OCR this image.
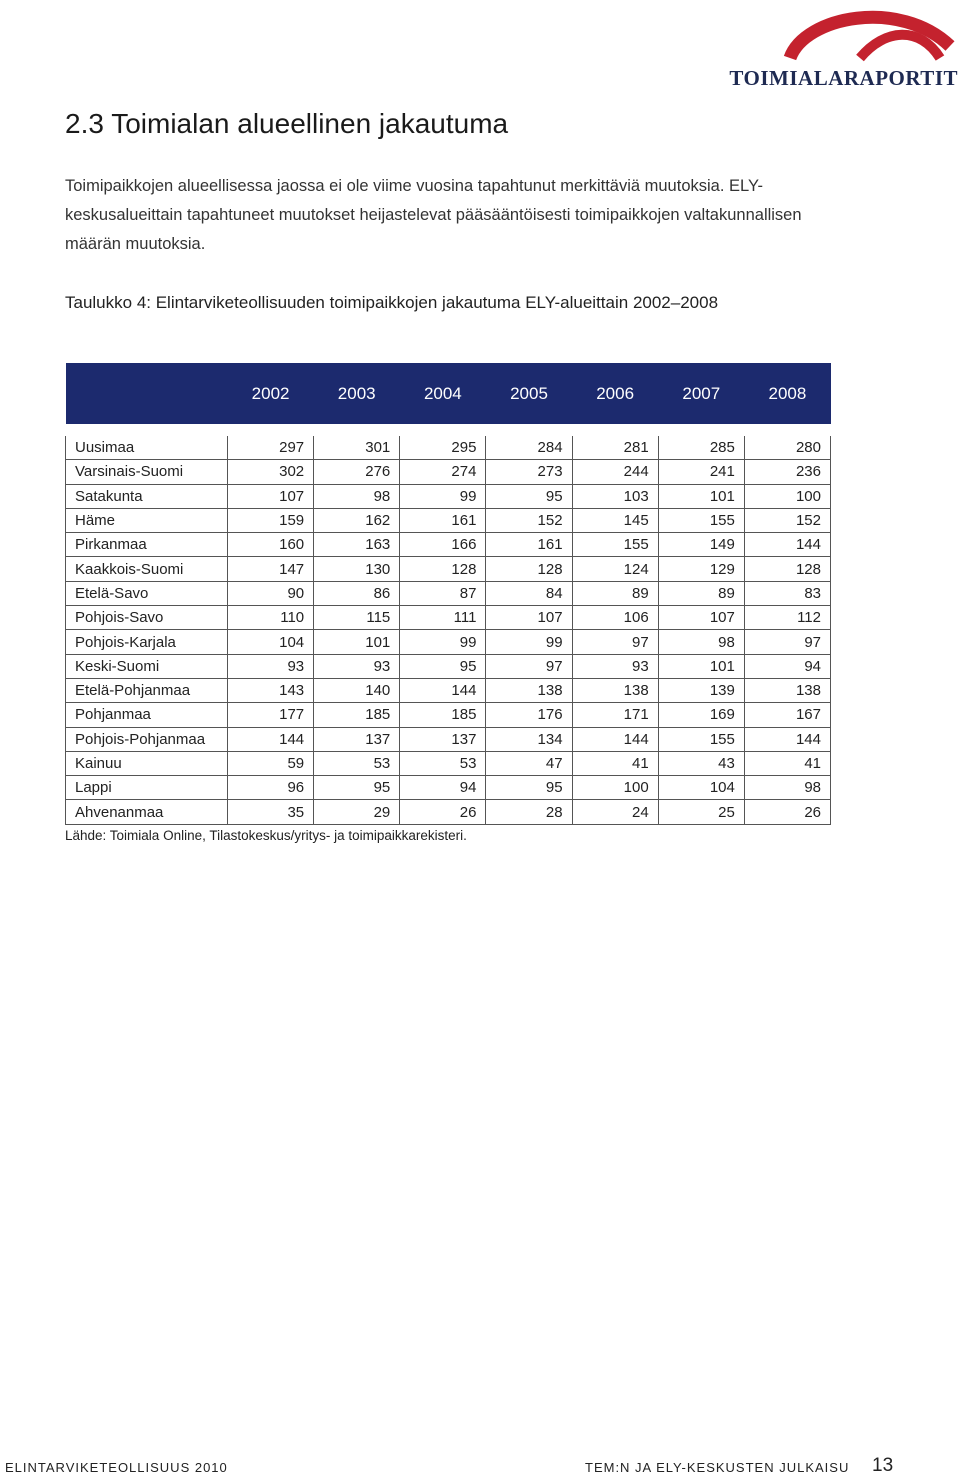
TOIMIALARAPORTIT
2.3 Toimialan alueellinen jakautuma

Toimipaikkojen alueellisessa jaossa ei ole viime vuosina tapahtunut merkittäviä muutoksia. ELY-keskusalueittain tapahtuneet muutokset heijastelevat pääsääntöisesti toimipaikkojen valtakunnallisen määrän muutoksia.

Taulukko 4: Elintarviketeollisuuden toimipaikkojen jakautuma ELY-alueittain 2002–2008

	2002	2003	2004	2005	2006	2007	2008
Uusimaa	297	301	295	284	281	285	280
Varsinais-Suomi	302	276	274	273	244	241	236
Satakunta	107	98	99	95	103	101	100
Häme	159	162	161	152	145	155	152
Pirkanmaa	160	163	166	161	155	149	144
Kaakkois-Suomi	147	130	128	128	124	129	128
Etelä-Savo	90	86	87	84	89	89	83
Pohjois-Savo	110	115	111	107	106	107	112
Pohjois-Karjala	104	101	99	99	97	98	97
Keski-Suomi	93	93	95	97	93	101	94
Etelä-Pohjanmaa	143	140	144	138	138	139	138
Pohjanmaa	177	185	185	176	171	169	167
Pohjois-Pohjanmaa	144	137	137	134	144	155	144
Kainuu	59	53	53	47	41	43	41
Lappi	96	95	94	95	100	104	98
Ahvenanmaa	35	29	26	28	24	25	26

Lähde: Toimiala Online, Tilastokeskus/yritys- ja toimipaikkarekisteri.

ELINTARVIKETEOLLISUUS 2010	TEM:N JA ELY-KESKUSTEN JULKAISU 13
